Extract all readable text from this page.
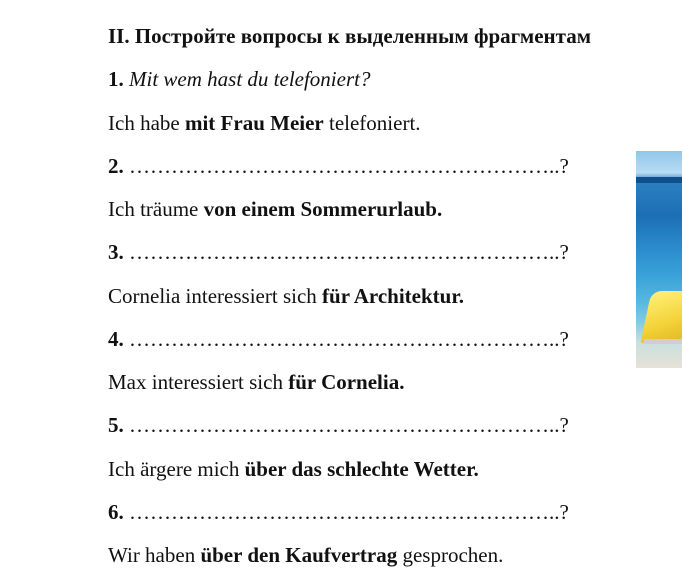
II. Постройте вопросы к выделенным фрагментам
1. Mit wem hast du telefoniert?
Ich habe mit Frau Meier telefoniert.
2. ……………………………………………………..?
Ich träume von einem Sommerurlaub.
3. ……………………………………………………..?
Cornelia interessiert sich für Architektur.
4. ……………………………………………………..?
Max interessiert sich für Cornelia.
5. ……………………………………………………..?
Ich ärgere mich über das schlechte Wetter.
6. ……………………………………………………..?
Wir haben über den Kaufvertrag gesprochen.
